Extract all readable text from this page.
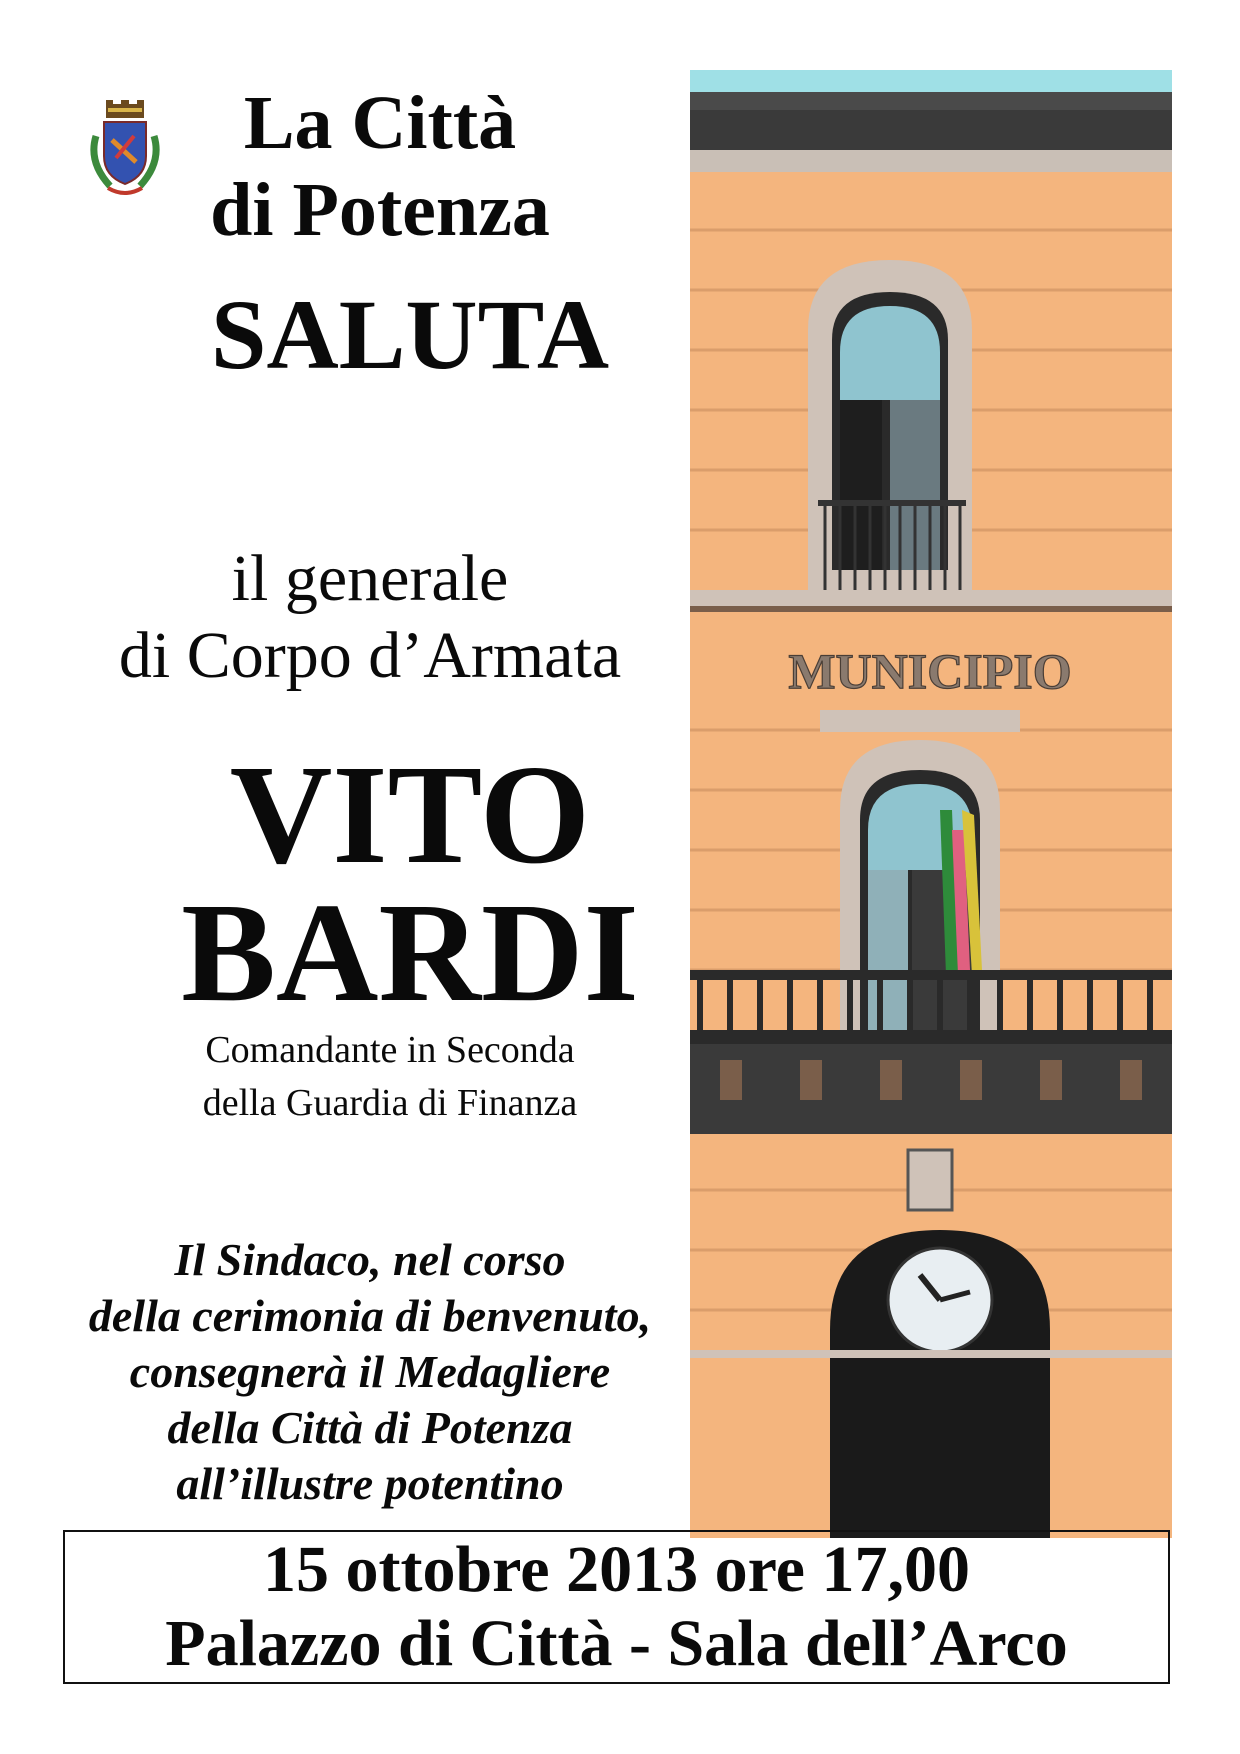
La Città
di Potenza
SALUTA
il generale
di Corpo d’Armata
VITO
BARDI
Comandante in Seconda
della Guardia di Finanza
Il Sindaco, nel corso
della cerimonia di benvenuto,
consegnerà il Medagliere
della Città di Potenza
all’illustre potentino
MUNICIPIO
15 ottobre 2013 ore 17,00
Palazzo di Città - Sala dell’Arco
